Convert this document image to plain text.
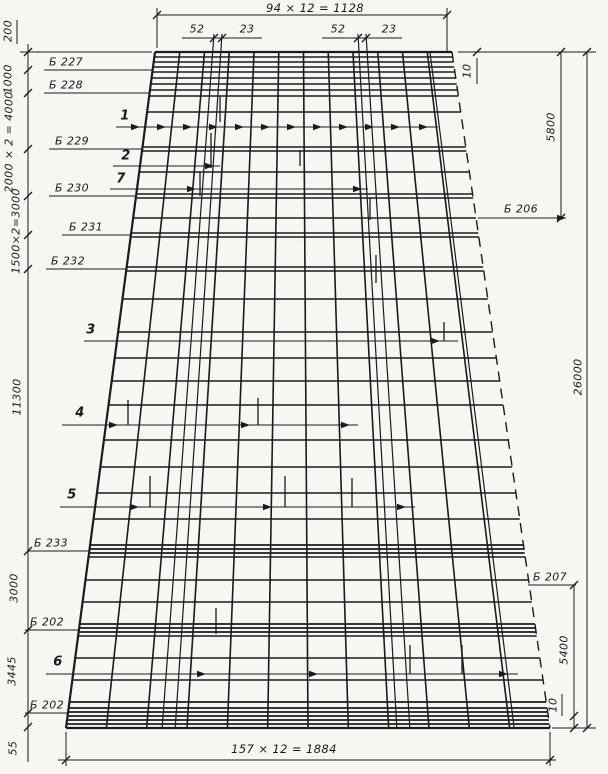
94 × 12 = 1128
52	23	52	23
157 × 12 = 1884
200
1000
2000 × 2 = 4000
1500×2=3000
11300
3000
3445
55
10
5800
26000
5400
10
Б 227
Б 228
Б 229
Б 230
Б 231
Б 232
Б 233
Б 202
Б 202
Б 206
Б 207
1
2
7
3
4
5
6
